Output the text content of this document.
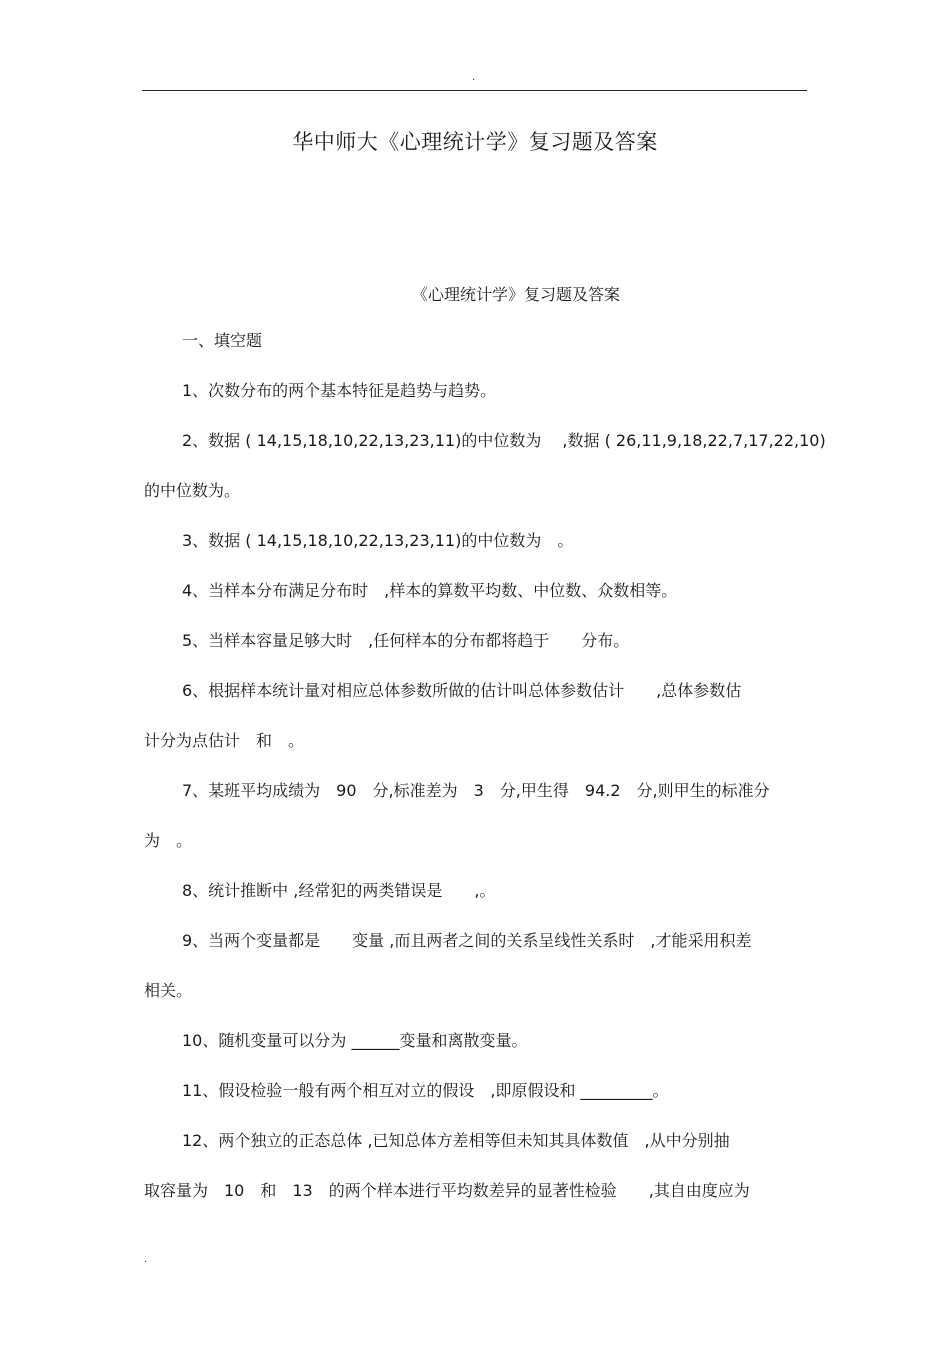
.
华中师大《心理统计学》复习题及答案
《心理统计学》复习题及答案
一、填空题
1、次数分布的两个基本特征是趋势与趋势。
2、数据 ( 14,15,18,10,22,13,23,11)的中位数为　 ,数据 ( 26,11,9,18,22,7,17,22,10)
的中位数为。
3、数据 ( 14,15,18,10,22,13,23,11)的中位数为　。
4、当样本分布满足分布时　,样本的算数平均数、中位数、众数相等。
5、当样本容量足够大时　,任何样本的分布都将趋于　　分布。
6、根据样本统计量对相应总体参数所做的估计叫总体参数估计　　,总体参数估
计分为点估计　和　。
7、某班平均成绩为　90　分,标准差为　3　分,甲生得　94.2　分,则甲生的标准分
为　。
8、统计推断中 ,经常犯的两类错误是　　,。
9、当两个变量都是　　变量 ,而且两者之间的关系呈线性关系时　,才能采用积差
相关。
10、随机变量可以分为 ______变量和离散变量。
11、假设检验一般有两个相互对立的假设　,即原假设和 _________。
12、两个独立的正态总体 ,已知总体方差相等但未知其具体数值　,从中分别抽
取容量为　10　和　13　的两个样本进行平均数差异的显著性检验　　,其自由度应为
.
